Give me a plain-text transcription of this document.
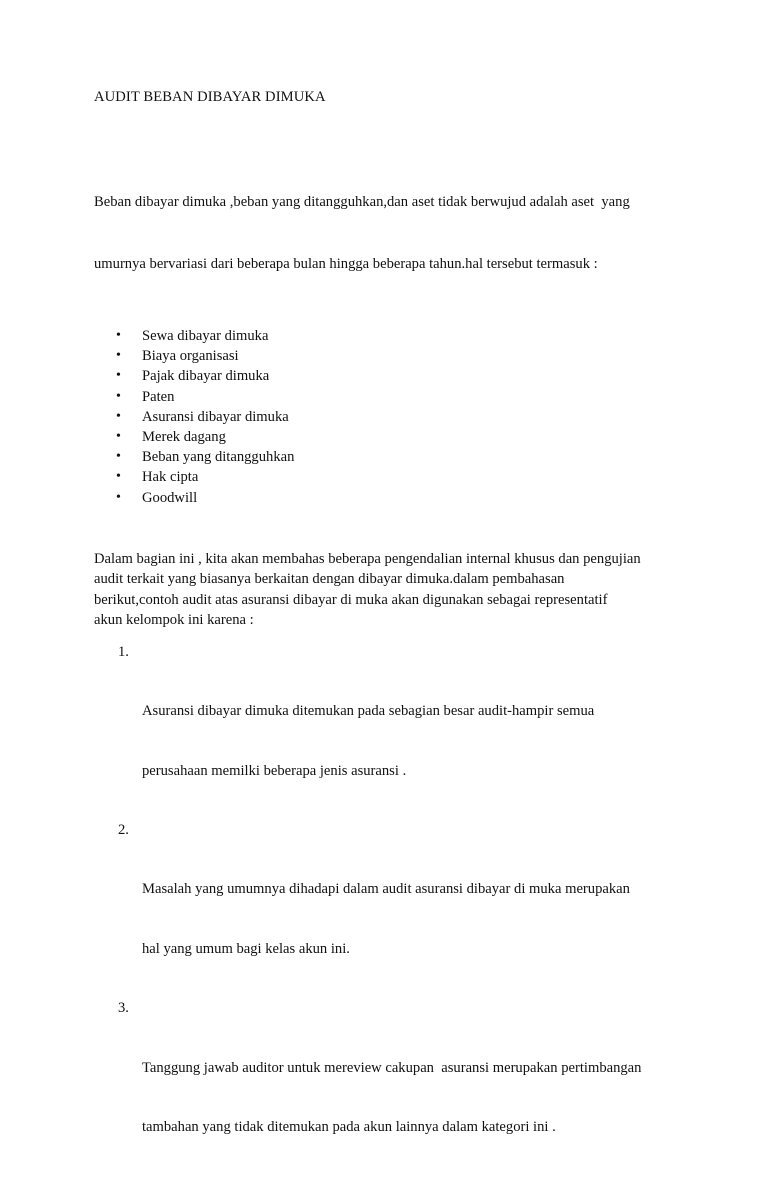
AUDIT BEBAN DIBAYAR DIMUKA

Beban dibayar dimuka ,beban yang ditangguhkan,dan aset tidak berwujud adalah aset  yang

umurnya bervariasi dari beberapa bulan hingga beberapa tahun.hal tersebut termasuk :

• Sewa dibayar dimuka
• Biaya organisasi
• Pajak dibayar dimuka
• Paten
• Asuransi dibayar dimuka
• Merek dagang
• Beban yang ditangguhkan
• Hak cipta
• Goodwill

Dalam bagian ini , kita akan membahas beberapa pengendalian internal khusus dan pengujian
audit terkait yang biasanya berkaitan dengan dibayar dimuka.dalam pembahasan
berikut,contoh audit atas asuransi dibayar di muka akan digunakan sebagai representatif
akun kelompok ini karena :

1.

Asuransi dibayar dimuka ditemukan pada sebagian besar audit-hampir semua

perusahaan memilki beberapa jenis asuransi .

2.

Masalah yang umumnya dihadapi dalam audit asuransi dibayar di muka merupakan

hal yang umum bagi kelas akun ini.

3.

Tanggung jawab auditor untuk mereview cakupan  asuransi merupakan pertimbangan

tambahan yang tidak ditemukan pada akun lainnya dalam kategori ini .
